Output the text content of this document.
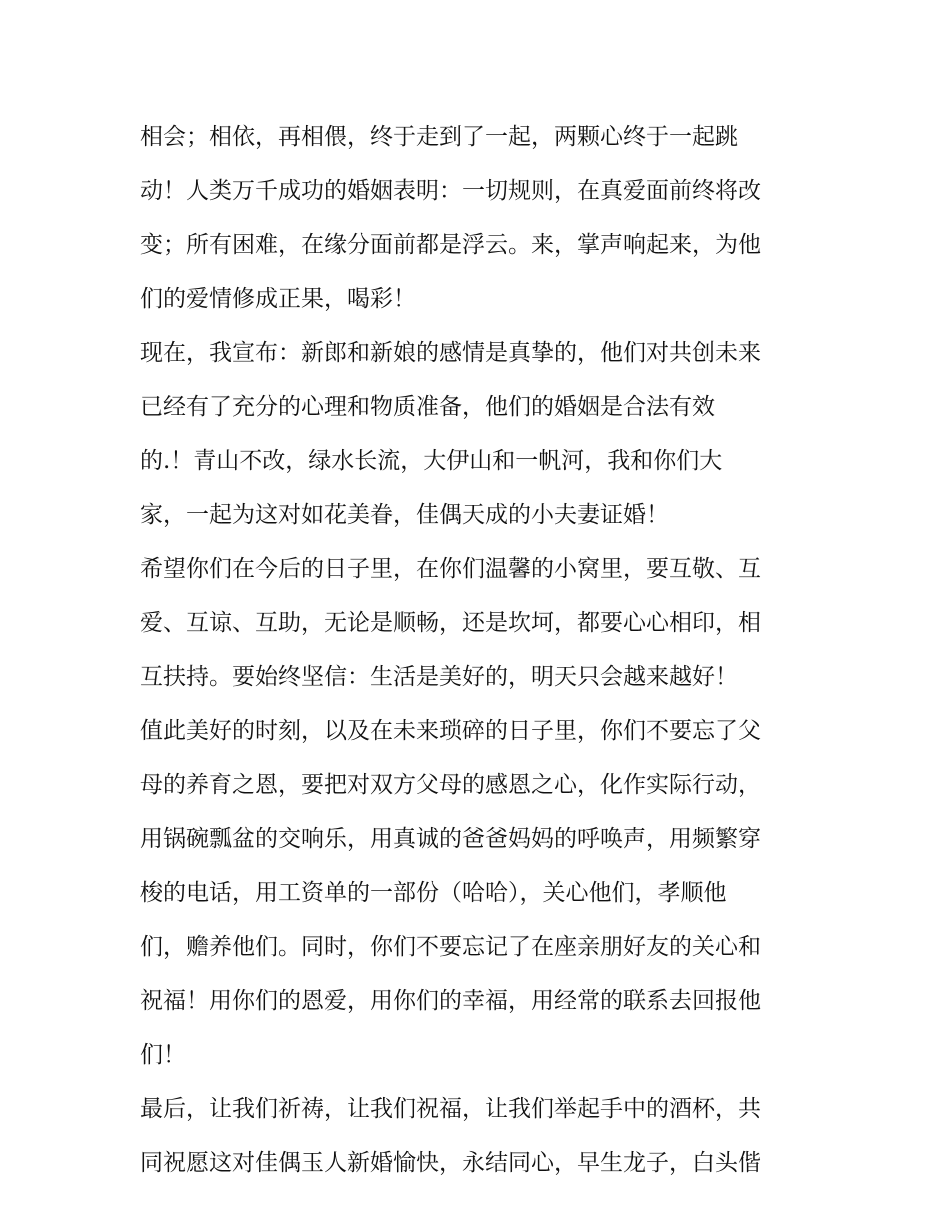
相会；相依，再相偎，终于走到了一起，两颗心终于一起跳
动！人类万千成功的婚姻表明：一切规则，在真爱面前终将改
变；所有困难，在缘分面前都是浮云。来，掌声响起来，为他
们的爱情修成正果，喝彩！
现在，我宣布：新郎和新娘的感情是真挚的，他们对共创未来
已经有了充分的心理和物质准备，他们的婚姻是合法有效
的.！青山不改，绿水长流，大伊山和一帆河，我和你们大
家，一起为这对如花美眷，佳偶天成的小夫妻证婚！
希望你们在今后的日子里，在你们温馨的小窝里，要互敬、互
爱、互谅、互助，无论是顺畅，还是坎坷，都要心心相印，相
互扶持。要始终坚信：生活是美好的，明天只会越来越好！
值此美好的时刻，以及在未来琐碎的日子里，你们不要忘了父
母的养育之恩，要把对双方父母的感恩之心，化作实际行动，
用锅碗瓢盆的交响乐，用真诚的爸爸妈妈的呼唤声，用频繁穿
梭的电话，用工资单的一部份（哈哈），关心他们，孝顺他
们，赡养他们。同时，你们不要忘记了在座亲朋好友的关心和
祝福！用你们的恩爱，用你们的幸福，用经常的联系去回报他
们！
最后，让我们祈祷，让我们祝福，让我们举起手中的酒杯，共
同祝愿这对佳偶玉人新婚愉快，永结同心，早生龙子，白头偕
